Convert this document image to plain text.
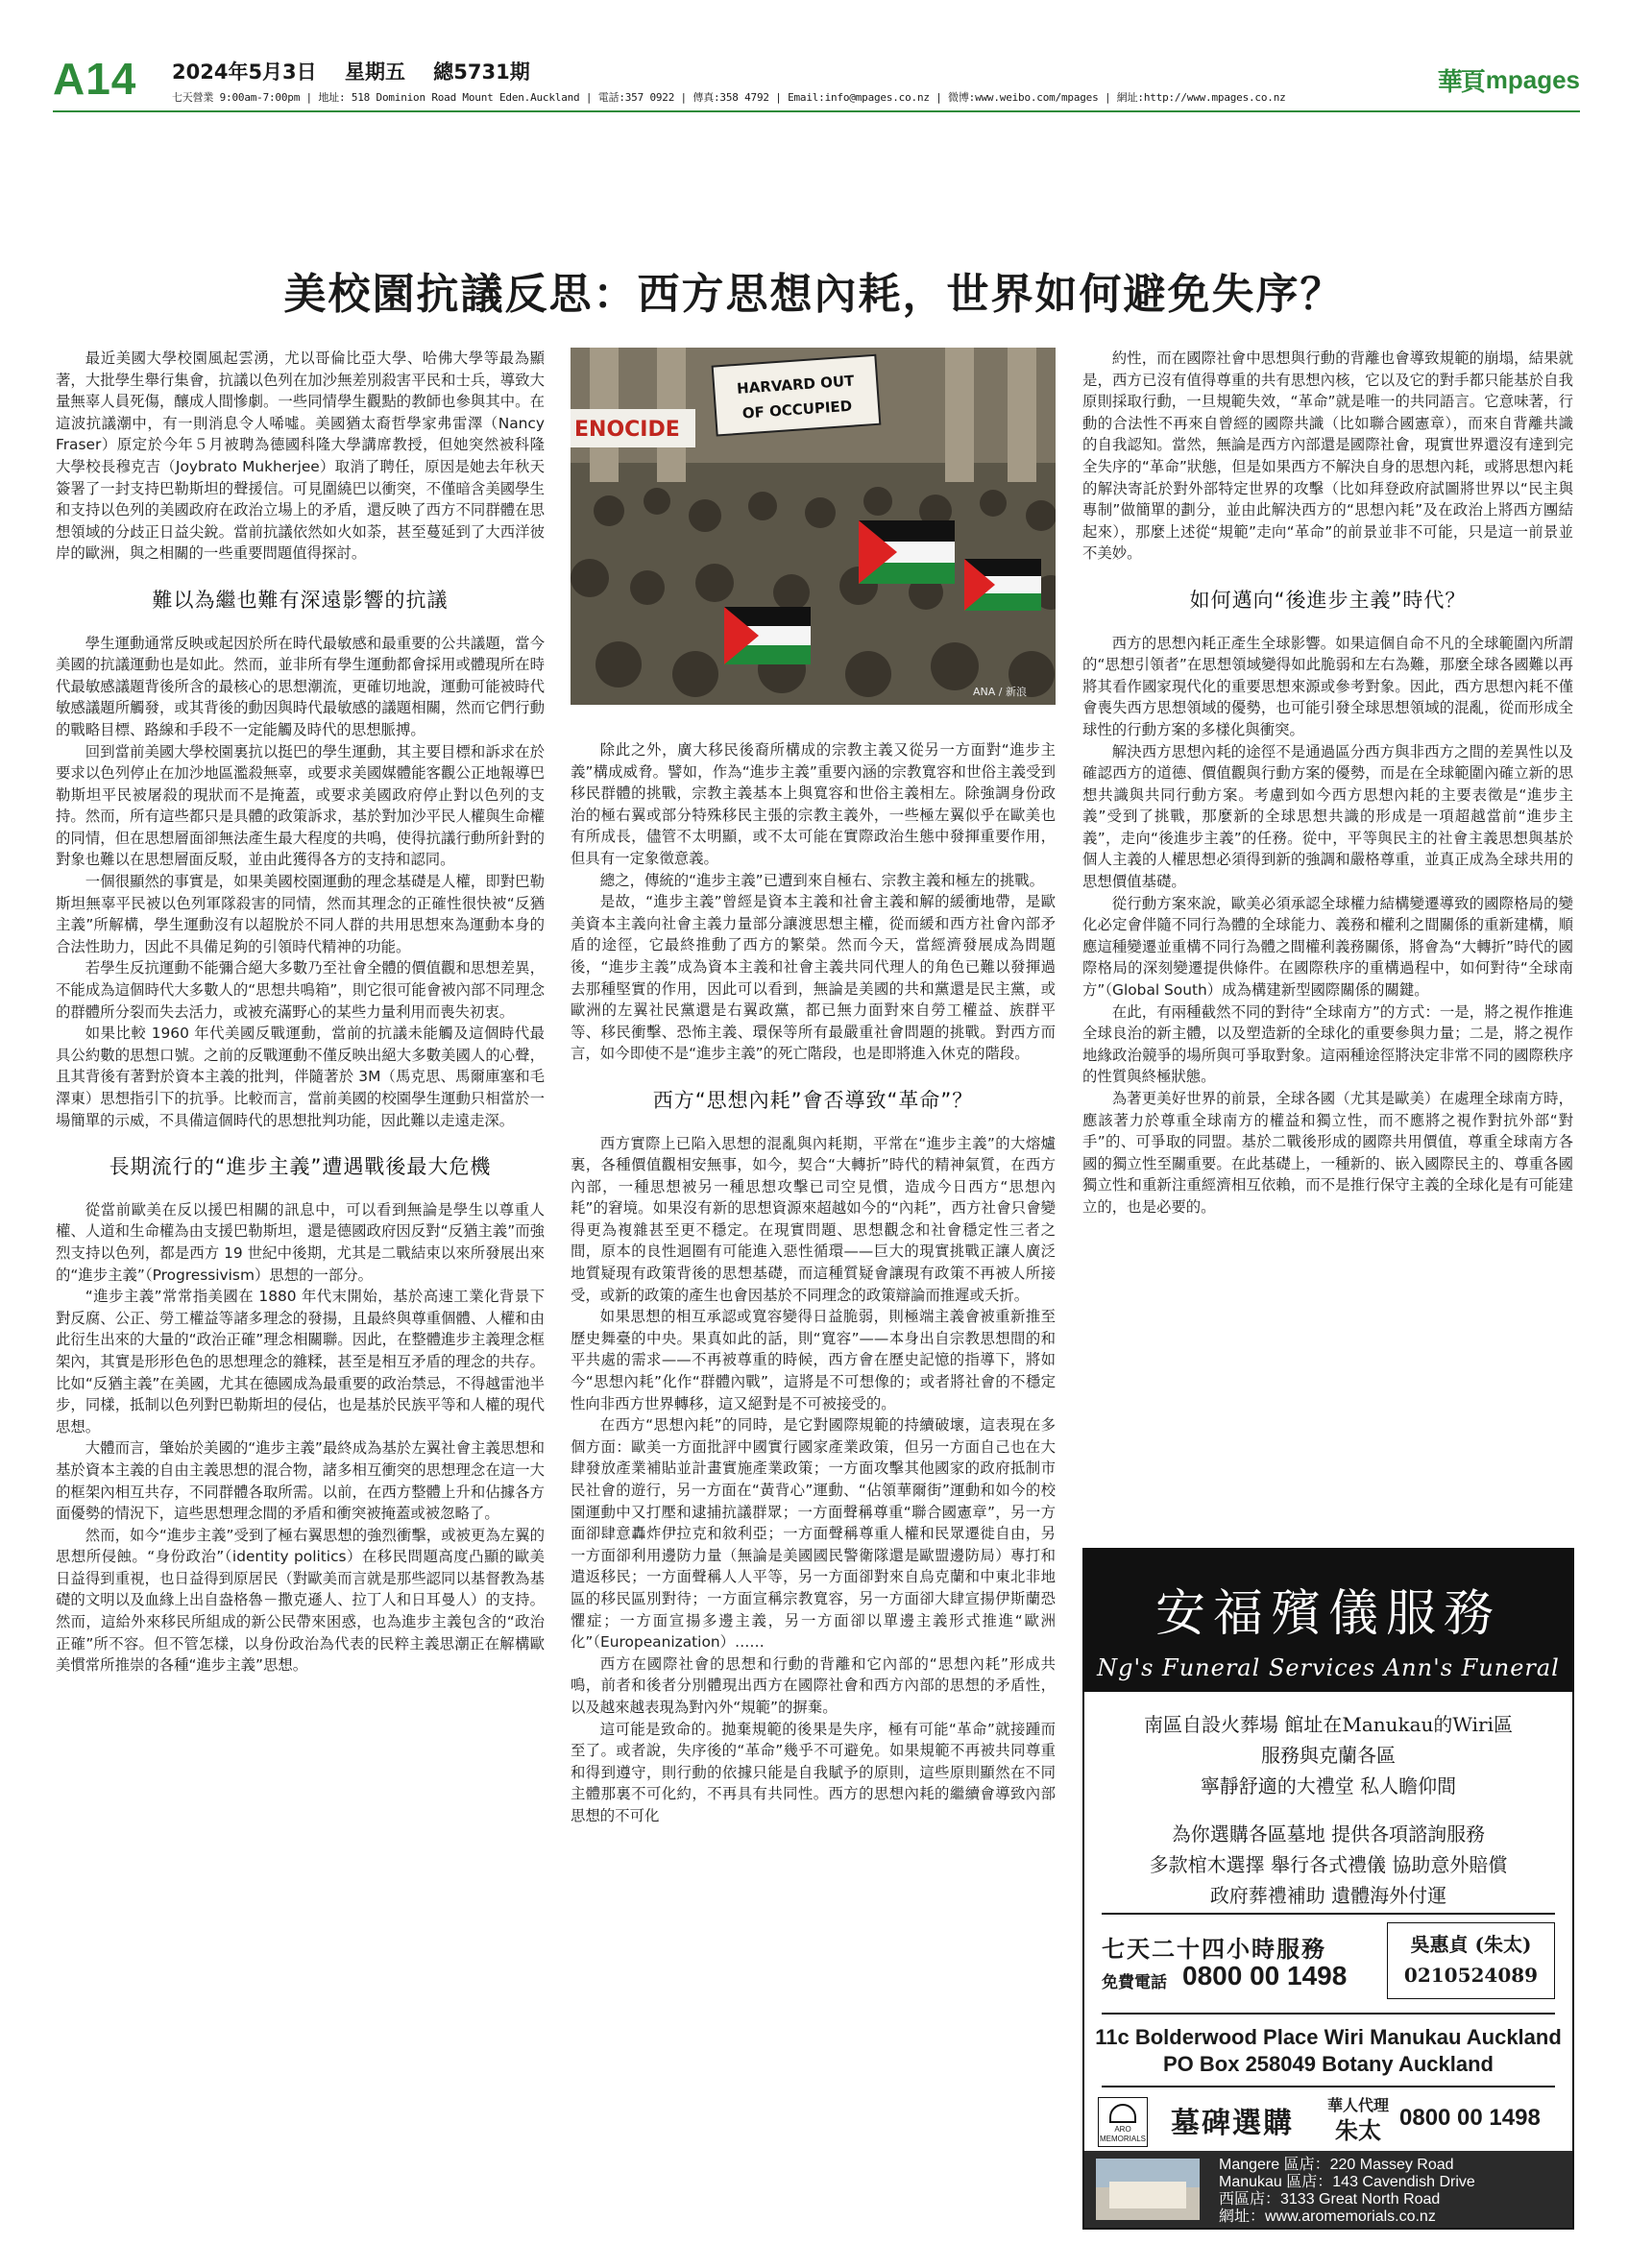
A14 2024年5月3日 星期五 總5731期
七天營業 9:00am-7:00pm | 地址: 518 Dominion Road Mount Eden.Auckland | 電話:357 0922 | 傳真:358 4792 | Email:info@mpages.co.nz | 微博:www.weibo.com/mpages | 網址:http://www.mpages.co.nz
華頁 mpages
美校園抗議反思：西方思想內耗，世界如何避免失序？

最近美國大學校園風起雲湧，尤以哥倫比亞大學、哈佛大學等最為顯著，大批學生舉行集會，抗議以色列在加沙無差別殺害平民和士兵，導致大量無辜人員死傷，釀成人間慘劇。一些同情學生觀點的教師也參與其中。在這波抗議潮中，有一則消息令人唏噓。美國猶太裔哲學家弗雷澤（Nancy Fraser）原定於今年５月被聘為德國科隆大學講席教授，但她突然被科隆大學校長穆克吉（Joybrato Mukherjee）取消了聘任，原因是她去年秋天簽署了一封支持巴勒斯坦的聲援信。可見圍繞巴以衝突，不僅暗含美國學生和支持以色列的美國政府在政治立場上的矛盾，還反映了西方不同群體在思想領域的分歧正日益尖銳。當前抗議依然如火如荼，甚至蔓延到了大西洋彼岸的歐洲，與之相關的一些重要問題值得探討。

難以為繼也難有深遠影響的抗議

學生運動通常反映或起因於所在時代最敏感和最重要的公共議題，當今美國的抗議運動也是如此。然而，並非所有學生運動都會採用或體現所在時代最敏感議題背後所含的最核心的思想潮流，更確切地說，運動可能被時代敏感議題所觸發，或其背後的動因與時代最敏感的議題相關，然而它們行動的戰略目標、路線和手段不一定能觸及時代的思想脈搏。

回到當前美國大學校園裏抗以挺巴的學生運動，其主要目標和訴求在於要求以色列停止在加沙地區濫殺無辜，或要求美國媒體能客觀公正地報導巴勒斯坦平民被屠殺的現狀而不是掩蓋，或要求美國政府停止對以色列的支持。然而，所有這些都只是具體的政策訴求，基於對加沙平民人權與生命權的同情，但在思想層面卻無法產生最大程度的共鳴，使得抗議行動所針對的對象也難以在思想層面反駁，並由此獲得各方的支持和認同。

一個很顯然的事實是，如果美國校園運動的理念基礎是人權，即對巴勒斯坦無辜平民被以色列軍隊殺害的同情，然而其理念的正確性很快被“反猶主義”所解構，學生運動沒有以超脫於不同人群的共用思想來為運動本身的合法性助力，因此不具備足夠的引領時代精神的功能。

若學生反抗運動不能彌合絕大多數乃至社會全體的價值觀和思想差異，不能成為這個時代大多數人的“思想共鳴箱”，則它很可能會被內部不同理念的群體所分裂而失去活力，或被充滿野心的某些力量利用而喪失初衷。

如果比較 1960 年代美國反戰運動，當前的抗議未能觸及這個時代最具公約數的思想口號。之前的反戰運動不僅反映出絕大多數美國人的心聲，且其背後有著對於資本主義的批判，伴隨著於 3M（馬克思、馬爾庫塞和毛澤東）思想指引下的抗爭。比較而言，當前美國的校園學生運動只相當於一場簡單的示威，不具備這個時代的思想批判功能，因此難以走遠走深。

長期流行的“進步主義”遭遇戰後最大危機

從當前歐美在反以援巴相關的訊息中，可以看到無論是學生以尊重人權、人道和生命權為由支援巴勒斯坦，還是德國政府因反對“反猶主義”而強烈支持以色列，都是西方 19 世紀中後期，尤其是二戰結束以來所發展出來的“進步主義”（Progressivism）思想的一部分。

“進步主義”常常指美國在 1880 年代末開始，基於高速工業化背景下對反腐、公正、勞工權益等諸多理念的發揚，且最終與尊重個體、人權和由此衍生出來的大量的“政治正確”理念相關聯。因此，在整體進步主義理念框架內，其實是形形色色的思想理念的雜糅，甚至是相互矛盾的理念的共存。比如“反猶主義”在美國，尤其在德國成為最重要的政治禁忌，不得越雷池半步，同樣，抵制以色列對巴勒斯坦的侵佔，也是基於民族平等和人權的現代思想。

大體而言，肇始於美國的“進步主義”最終成為基於左翼社會主義思想和基於資本主義的自由主義思想的混合物，諸多相互衝突的思想理念在這一大的框架內相互共存，不同群體各取所需。以前，在西方整體上升和佔據各方面優勢的情況下，這些思想理念間的矛盾和衝突被掩蓋或被忽略了。

然而，如今“進步主義”受到了極右翼思想的強烈衝擊，或被更為左翼的思想所侵蝕。“身份政治”（identity politics）在移民問題高度凸顯的歐美日益得到重視，也日益得到原居民（對歐美而言就是那些認同以基督教為基礎的文明以及血緣上出自盎格魯－撒克遜人、拉丁人和日耳曼人）的支持。然而，這給外來移民所組成的新公民帶來困惑，也為進步主義包含的“政治正確”所不容。但不管怎樣，以身份政治為代表的民粹主義思潮正在解構歐美慣常所推崇的各種“進步主義”思想。

HARVARD OUT
OF OCCUPIED
ENOCIDE
ANA / 新浪

除此之外，廣大移民後裔所構成的宗教主義又從另一方面對“進步主義”構成威脅。譬如，作為“進步主義”重要內涵的宗教寬容和世俗主義受到移民群體的挑戰，宗教主義基本上與寬容和世俗主義相左。除強調身份政治的極右翼或部分特殊移民主張的宗教主義外，一些極左翼似乎在歐美也有所成長，儘管不太明顯，或不太可能在實際政治生態中發揮重要作用，但具有一定象徵意義。

總之，傳統的“進步主義”已遭到來自極右、宗教主義和極左的挑戰。

是故，“進步主義”曾經是資本主義和社會主義和解的緩衝地帶，是歐美資本主義向社會主義力量部分讓渡思想主權，從而緩和西方社會內部矛盾的途徑，它最終推動了西方的繁榮。然而今天，當經濟發展成為問題後，“進步主義”成為資本主義和社會主義共同代理人的角色已難以發揮過去那種堅實的作用，因此可以看到，無論是美國的共和黨還是民主黨，或歐洲的左翼社民黨還是右翼政黨，都已無力面對來自勞工權益、族群平等、移民衝擊、恐怖主義、環保等所有最嚴重社會問題的挑戰。對西方而言，如今即使不是“進步主義”的死亡階段，也是即將進入休克的階段。

西方“思想內耗”會否導致“革命”？

西方實際上已陷入思想的混亂與內耗期，平常在“進步主義”的大熔爐裏，各種價值觀相安無事，如今，契合“大轉折”時代的精神氣質，在西方內部，一種思想被另一種思想攻擊已司空見慣，造成今日西方“思想內耗”的窘境。如果沒有新的思想資源來超越如今的“內耗”，西方社會只會變得更為複雜甚至更不穩定。在現實問題、思想觀念和社會穩定性三者之間，原本的良性迴圈有可能進入惡性循環——巨大的現實挑戰正讓人廣泛地質疑現有政策背後的思想基礎，而這種質疑會讓現有政策不再被人所接受，或新的政策的產生也會因基於不同理念的政策辯論而推遲或夭折。

如果思想的相互承認或寬容變得日益脆弱，則極端主義會被重新推至歷史舞臺的中央。果真如此的話，則“寬容”——本身出自宗教思想間的和平共處的需求——不再被尊重的時候，西方會在歷史記憶的指導下，將如今“思想內耗”化作“群體內戰”，這將是不可想像的；或者將社會的不穩定性向非西方世界轉移，這又絕對是不可被接受的。

在西方“思想內耗”的同時，是它對國際規範的持續破壞，這表現在多個方面：歐美一方面批評中國實行國家產業政策，但另一方面自己也在大肆發放產業補貼並計畫實施產業政策；一方面攻擊其他國家的政府抵制市民社會的遊行，另一方面在“黃背心”運動、“佔領華爾街”運動和如今的校園運動中又打壓和逮捕抗議群眾；一方面聲稱尊重“聯合國憲章”，另一方面卻肆意轟炸伊拉克和敘利亞；一方面聲稱尊重人權和民眾遷徙自由，另一方面卻利用邊防力量（無論是美國國民警衛隊還是歐盟邊防局）專打和遣返移民；一方面聲稱人人平等，另一方面卻對來自烏克蘭和中東北非地區的移民區別對待；一方面宣稱宗教寬容，另一方面卻大肆宣揚伊斯蘭恐懼症；一方面宣揚多邊主義，另一方面卻以單邊主義形式推進“歐洲化”（Europeanization）……

西方在國際社會的思想和行動的背離和它內部的“思想內耗”形成共鳴，前者和後者分別體現出西方在國際社會和西方內部的思想的矛盾性，以及越來越表現為對內外“規範”的摒棄。

這可能是致命的。拋棄規範的後果是失序，極有可能“革命”就接踵而至了。或者說，失序後的“革命”幾乎不可避免。如果規範不再被共同尊重和得到遵守，則行動的依據只能是自我賦予的原則，這些原則顯然在不同主體那裏不可化約，不再具有共同性。西方的思想內耗的繼續會導致內部思想的不可化

約性，而在國際社會中思想與行動的背離也會導致規範的崩塌，結果就是，西方已沒有值得尊重的共有思想內核，它以及它的對手都只能基於自我原則採取行動，一旦規範失效，“革命”就是唯一的共同語言。它意味著，行動的合法性不再來自曾經的國際共識（比如聯合國憲章），而來自背離共識的自我認知。當然，無論是西方內部還是國際社會，現實世界還沒有達到完全失序的“革命”狀態，但是如果西方不解決自身的思想內耗，或將思想內耗的解決寄託於對外部特定世界的攻擊（比如拜登政府試圖將世界以“民主與專制”做簡單的劃分，並由此解決西方的“思想內耗”及在政治上將西方團結起來），那麼上述從“規範”走向“革命”的前景並非不可能，只是這一前景並不美妙。

如何邁向“後進步主義”時代？

西方的思想內耗正產生全球影響。如果這個自命不凡的全球範圍內所謂的“思想引領者”在思想領域變得如此脆弱和左右為難，那麼全球各國難以再將其看作國家現代化的重要思想來源或參考對象。因此，西方思想內耗不僅會喪失西方思想領域的優勢，也可能引發全球思想領域的混亂，從而形成全球性的行動方案的多樣化與衝突。

解決西方思想內耗的途徑不是通過區分西方與非西方之間的差異性以及確認西方的道德、價值觀與行動方案的優勢，而是在全球範圍內確立新的思想共識與共同行動方案。考慮到如今西方思想內耗的主要表徵是“進步主義”受到了挑戰，那麼新的全球思想共識的形成是一項超越當前“進步主義”，走向“後進步主義”的任務。從中，平等與民主的社會主義思想與基於個人主義的人權思想必須得到新的強調和嚴格尊重，並真正成為全球共用的思想價值基礎。

從行動方案來說，歐美必須承認全球權力結構變遷導致的國際格局的變化必定會伴隨不同行為體的全球能力、義務和權利之間關係的重新建構，順應這種變遷並重構不同行為體之間權利義務關係，將會為“大轉折”時代的國際格局的深刻變遷提供條件。在國際秩序的重構過程中，如何對待“全球南方”（Global South）成為構建新型國際關係的關鍵。

在此，有兩種截然不同的對待“全球南方”的方式：一是，將之視作推進全球良治的新主體，以及塑造新的全球化的重要參與力量；二是，將之視作地緣政治競爭的場所與可爭取對象。這兩種途徑將決定非常不同的國際秩序的性質與終極狀態。

為著更美好世界的前景，全球各國（尤其是歐美）在處理全球南方時，應該著力於尊重全球南方的權益和獨立性，而不應將之視作對抗外部“對手”的、可爭取的同盟。基於二戰後形成的國際共用價值，尊重全球南方各國的獨立性至關重要。在此基礎上，一種新的、嵌入國際民主的、尊重各國獨立性和重新注重經濟相互依賴，而不是推行保守主義的全球化是有可能建立的，也是必要的。

安福殯儀服務
Ng's Funeral Services Ann's Funeral
南區自設火葬場 館址在Manukau的Wiri區
服務與克蘭各區
寧靜舒適的大禮堂 私人瞻仰間
為你選購各區墓地 提供各項諮詢服務
多款棺木選擇 舉行各式禮儀 協助意外賠償
政府葬禮補助 遺體海外付運
七天二十四小時服務
免費電話 0800 00 1498
吳惠貞 (朱太)
0210524089
11c Bolderwood Place Wiri Manukau Auckland
PO Box 258049 Botany Auckland
ARO MEMORIALS 墓碑選購
華人代理
朱太 0800 00 1498
Mangere 區店：220 Massey Road
Manukau 區店：143 Cavendish Drive
西區店：3133 Great North Road
網址：www.aromemorials.co.nz
